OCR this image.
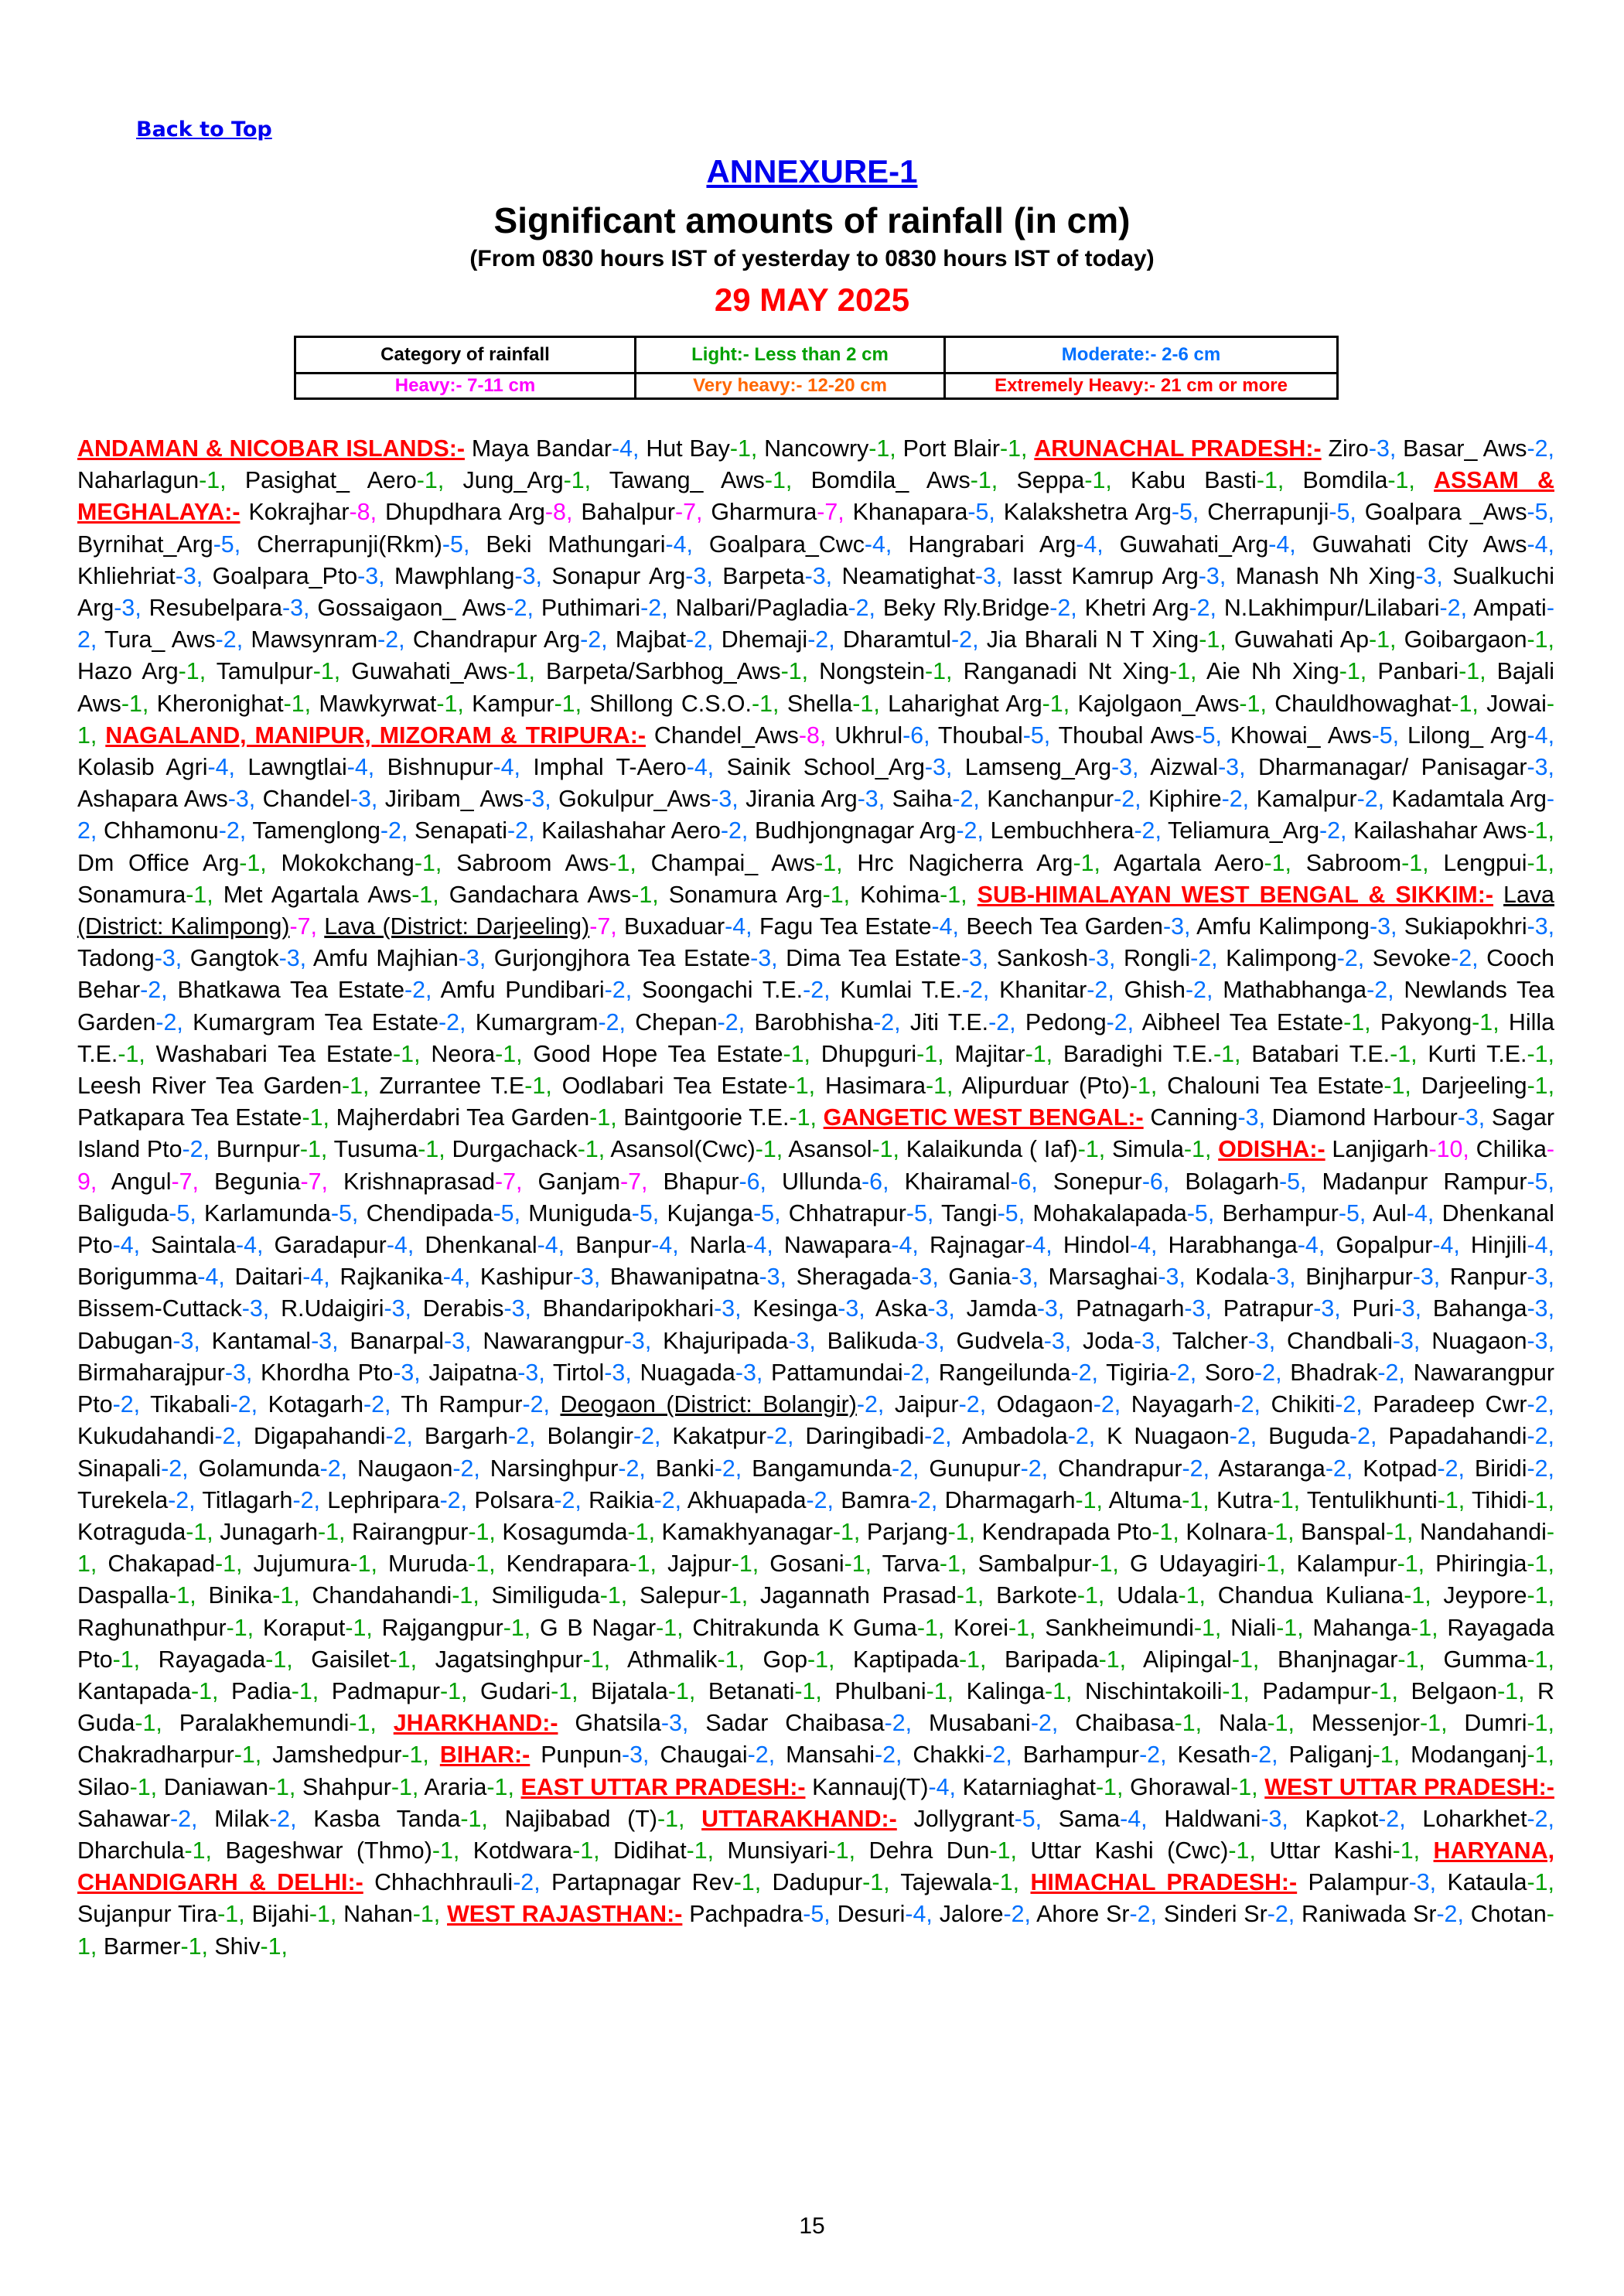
Back to Top
ANNEXURE-1
Significant amounts of rainfall (in cm)
(From 0830 hours IST of yesterday to 0830 hours IST of today)
29 MAY 2025
Category of rainfall	Light:- Less than 2 cm	Moderate:- 2-6 cm
Heavy:- 7-11 cm	Very heavy:- 12-20 cm	Extremely Heavy:- 21 cm or more

ANDAMAN & NICOBAR ISLANDS:- Maya Bandar-4, Hut Bay-1, Nancowry-1, Port Blair-1, ARUNACHAL PRADESH:- Ziro-3, Basar_ Aws-2, Naharlagun-1, Pasighat_ Aero-1, Jung_Arg-1, Tawang_ Aws-1, Bomdila_ Aws-1, Seppa-1, Kabu Basti-1, Bomdila-1, ASSAM & MEGHALAYA:- Kokrajhar-8, Dhupdhara Arg-8, Bahalpur-7, Gharmura-7, Khanapara-5, Kalakshetra Arg-5, Cherrapunji-5, Goalpara _Aws-5, Byrnihat_Arg-5, Cherrapunji(Rkm)-5, Beki Mathungari-4, Goalpara_Cwc-4, Hangrabari Arg-4, Guwahati_Arg-4, Guwahati City Aws-4, Khliehriat-3, Goalpara_Pto-3, Mawphlang-3, Sonapur Arg-3, Barpeta-3, Neamatighat-3, Iasst Kamrup Arg-3, Manash Nh Xing-3, Sualkuchi Arg-3, Resubelpara-3, Gossaigaon_ Aws-2, Puthimari-2, Nalbari/Pagladia-2, Beky Rly.Bridge-2, Khetri Arg-2, N.Lakhimpur/Lilabari-2, Ampati-2, Tura_ Aws-2, Mawsynram-2, Chandrapur Arg-2, Majbat-2, Dhemaji-2, Dharamtul-2, Jia Bharali N T Xing-1, Guwahati Ap-1, Goibargaon-1, Hazo Arg-1, Tamulpur-1, Guwahati_Aws-1, Barpeta/Sarbhog_Aws-1, Nongstein-1, Ranganadi Nt Xing-1, Aie Nh Xing-1, Panbari-1, Bajali Aws-1, Kheronighat-1, Mawkyrwat-1, Kampur-1, Shillong C.S.O.-1, Shella-1, Laharighat Arg-1, Kajolgaon_Aws-1, Chauldhowaghat-1, Jowai-1, NAGALAND, MANIPUR, MIZORAM & TRIPURA:- Chandel_Aws-8, Ukhrul-6, Thoubal-5, Thoubal Aws-5, Khowai_ Aws-5, Lilong_ Arg-4, Kolasib Agri-4, Lawngtlai-4, Bishnupur-4, Imphal T-Aero-4, Sainik School_Arg-3, Lamseng_Arg-3, Aizwal-3, Dharmanagar/ Panisagar-3, Ashapara Aws-3, Chandel-3, Jiribam_ Aws-3, Gokulpur_Aws-3, Jirania Arg-3, Saiha-2, Kanchanpur-2, Kiphire-2, Kamalpur-2, Kadamtala Arg-2, Chhamonu-2, Tamenglong-2, Senapati-2, Kailashahar Aero-2, Budhjongnagar Arg-2, Lembuchhera-2, Teliamura_Arg-2, Kailashahar Aws-1, Dm Office Arg-1, Mokokchang-1, Sabroom Aws-1, Champai_ Aws-1, Hrc Nagicherra Arg-1, Agartala Aero-1, Sabroom-1, Lengpui-1, Sonamura-1, Met Agartala Aws-1, Gandachara Aws-1, Sonamura Arg-1, Kohima-1, SUB-HIMALAYAN WEST BENGAL & SIKKIM:- Lava (District: Kalimpong)-7, Lava (District: Darjeeling)-7, Buxaduar-4, Fagu Tea Estate-4, Beech Tea Garden-3, Amfu Kalimpong-3, Sukiapokhri-3, Tadong-3, Gangtok-3, Amfu Majhian-3, Gurjongjhora Tea Estate-3, Dima Tea Estate-3, Sankosh-3, Rongli-2, Kalimpong-2, Sevoke-2, Cooch Behar-2, Bhatkawa Tea Estate-2, Amfu Pundibari-2, Soongachi T.E.-2, Kumlai T.E.-2, Khanitar-2, Ghish-2, Mathabhanga-2, Newlands Tea Garden-2, Kumargram Tea Estate-2, Kumargram-2, Chepan-2, Barobhisha-2, Jiti T.E.-2, Pedong-2, Aibheel Tea Estate-1, Pakyong-1, Hilla T.E.-1, Washabari Tea Estate-1, Neora-1, Good Hope Tea Estate-1, Dhupguri-1, Majitar-1, Baradighi T.E.-1, Batabari T.E.-1, Kurti T.E.-1, Leesh River Tea Garden-1, Zurrantee T.E-1, Oodlabari Tea Estate-1, Hasimara-1, Alipurduar (Pto)-1, Chalouni Tea Estate-1, Darjeeling-1, Patkapara Tea Estate-1, Majherdabri Tea Garden-1, Baintgoorie T.E.-1, GANGETIC WEST BENGAL:- Canning-3, Diamond Harbour-3, Sagar Island Pto-2, Burnpur-1, Tusuma-1, Durgachack-1, Asansol(Cwc)-1, Asansol-1, Kalaikunda ( Iaf)-1, Simula-1, ODISHA:- Lanjigarh-10, Chilika-9, Angul-7, Begunia-7, Krishnaprasad-7, Ganjam-7, Bhapur-6, Ullunda-6, Khairamal-6, Sonepur-6, Bolagarh-5, Madanpur Rampur-5, Baliguda-5, Karlamunda-5, Chendipada-5, Muniguda-5, Kujanga-5, Chhatrapur-5, Tangi-5, Mohakalapada-5, Berhampur-5, Aul-4, Dhenkanal Pto-4, Saintala-4, Garadapur-4, Dhenkanal-4, Banpur-4, Narla-4, Nawapara-4, Rajnagar-4, Hindol-4, Harabhanga-4, Gopalpur-4, Hinjili-4, Borigumma-4, Daitari-4, Rajkanika-4, Kashipur-3, Bhawanipatna-3, Sheragada-3, Gania-3, Marsaghai-3, Kodala-3, Binjharpur-3, Ranpur-3, Bissem-Cuttack-3, R.Udaigiri-3, Derabis-3, Bhandaripokhari-3, Kesinga-3, Aska-3, Jamda-3, Patnagarh-3, Patrapur-3, Puri-3, Bahanga-3, Dabugan-3, Kantamal-3, Banarpal-3, Nawarangpur-3, Khajuripada-3, Balikuda-3, Gudvela-3, Joda-3, Talcher-3, Chandbali-3, Nuagaon-3, Birmaharajpur-3, Khordha Pto-3, Jaipatna-3, Tirtol-3, Nuagada-3, Pattamundai-2, Rangeilunda-2, Tigiria-2, Soro-2, Bhadrak-2, Nawarangpur Pto-2, Tikabali-2, Kotagarh-2, Th Rampur-2, Deogaon (District: Bolangir)-2, Jaipur-2, Odagaon-2, Nayagarh-2, Chikiti-2, Paradeep Cwr-2, Kukudahandi-2, Digapahandi-2, Bargarh-2, Bolangir-2, Kakatpur-2, Daringibadi-2, Ambadola-2, K Nuagaon-2, Buguda-2, Papadahandi-2, Sinapali-2, Golamunda-2, Naugaon-2, Narsinghpur-2, Banki-2, Bangamunda-2, Gunupur-2, Chandrapur-2, Astaranga-2, Kotpad-2, Biridi-2, Turekela-2, Titlagarh-2, Lephripara-2, Polsara-2, Raikia-2, Akhuapada-2, Bamra-2, Dharmagarh-1, Altuma-1, Kutra-1, Tentulikhunti-1, Tihidi-1, Kotraguda-1, Junagarh-1, Rairangpur-1, Kosagumda-1, Kamakhyanagar-1, Parjang-1, Kendrapada Pto-1, Kolnara-1, Banspal-1, Nandahandi-1, Chakapad-1, Jujumura-1, Muruda-1, Kendrapara-1, Jajpur-1, Gosani-1, Tarva-1, Sambalpur-1, G Udayagiri-1, Kalampur-1, Phiringia-1, Daspalla-1, Binika-1, Chandahandi-1, Similiguda-1, Salepur-1, Jagannath Prasad-1, Barkote-1, Udala-1, Chandua Kuliana-1, Jeypore-1, Raghunathpur-1, Koraput-1, Rajgangpur-1, G B Nagar-1, Chitrakunda K Guma-1, Korei-1, Sankheimundi-1, Niali-1, Mahanga-1, Rayagada Pto-1, Rayagada-1, Gaisilet-1, Jagatsinghpur-1, Athmalik-1, Gop-1, Kaptipada-1, Baripada-1, Alipingal-1, Bhanjnagar-1, Gumma-1, Kantapada-1, Padia-1, Padmapur-1, Gudari-1, Bijatala-1, Betanati-1, Phulbani-1, Kalinga-1, Nischintakoili-1, Padampur-1, Belgaon-1, R Guda-1, Paralakhemundi-1, JHARKHAND:- Ghatsila-3, Sadar Chaibasa-2, Musabani-2, Chaibasa-1, Nala-1, Messenjor-1, Dumri-1, Chakradharpur-1, Jamshedpur-1, BIHAR:- Punpun-3, Chaugai-2, Mansahi-2, Chakki-2, Barhampur-2, Kesath-2, Paliganj-1, Modanganj-1, Silao-1, Daniawan-1, Shahpur-1, Araria-1, EAST UTTAR PRADESH:- Kannauj(T)-4, Katarniaghat-1, Ghorawal-1, WEST UTTAR PRADESH:- Sahawar-2, Milak-2, Kasba Tanda-1, Najibabad (T)-1, UTTARAKHAND:- Jollygrant-5, Sama-4, Haldwani-3, Kapkot-2, Loharkhet-2, Dharchula-1, Bageshwar (Thmo)-1, Kotdwara-1, Didihat-1, Munsiyari-1, Dehra Dun-1, Uttar Kashi (Cwc)-1, Uttar Kashi-1, HARYANA, CHANDIGARH & DELHI:- Chhachhrauli-2, Partapnagar Rev-1, Dadupur-1, Tajewala-1, HIMACHAL PRADESH:- Palampur-3, Kataula-1, Sujanpur Tira-1, Bijahi-1, Nahan-1, WEST RAJASTHAN:- Pachpadra-5, Desuri-4, Jalore-2, Ahore Sr-2, Sinderi Sr-2, Raniwada Sr-2, Chotan-1, Barmer-1, Shiv-1,

15
